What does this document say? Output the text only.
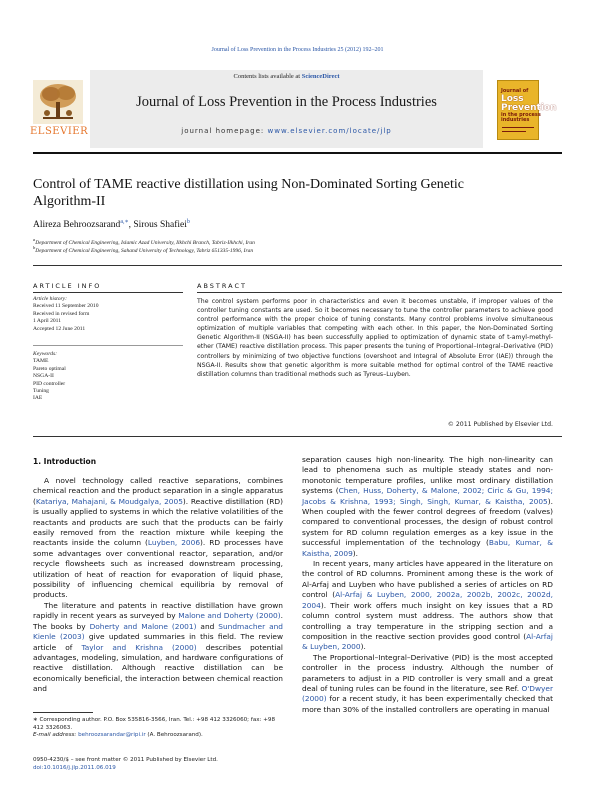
Journal of Loss Prevention in the Process Industries 25 (2012) 192–201
Contents lists available at ScienceDirect
Journal of Loss Prevention in the Process Industries
journal homepage: www.elsevier.com/locate/jlp
ELSEVIER
Journal of
Loss
Prevention
in the process industries
Control of TAME reactive distillation using Non-Dominated Sorting Genetic Algorithm-II
Alireza Behroozsarand$^{a,∗}$, Sirous Shafiei$^b$
$^a$Department of Chemical Engineering, Islamic Azad University, Ilkhchi Branch, Tabriz-Ilkhchi, Iran
$^b$Department of Chemical Engineering, Sahand University of Technology, Tabriz 651335-1996, Iran
ARTICLE INFO
Article history:
Received 11 September 2010
Received in revised form
1 April 2011
Accepted 12 June 2011
Keywords:
TAME
Pareto optimal
NSGA-II
PID controller
Tuning
IAE
ABSTRACT
The control system performs poor in characteristics and even it becomes unstable, if improper values of the controller tuning constants are used. So it becomes necessary to tune the controller parameters to achieve good control performance with the proper choice of tuning constants. Many control problems involve simultaneous optimization of multiple variables that competing with each other. In this paper, the Non-Dominated Sorting Genetic Algorithm-II (NSGA-II) has been successfully applied to optimization of dynamic state of t-amyl-methyl-ether (TAME) reactive distillation process. This paper presents the tuning of Proportional–Integral–Derivative (PID) controllers by minimizing of two objective functions (overshoot and Integral of Absolute Error (IAE)) through the NSGA-II. Results show that genetic algorithm is more suitable method for optimal control of the TAME reactive distillation columns than traditional methods such as Tyreus–Luyben.
© 2011 Published by Elsevier Ltd.
1. Introduction

A novel technology called reactive separations, combines chemical reaction and the product separation in a single apparatus (Katariya, Mahajani, & Moudgalya, 2005). Reactive distillation (RD) is usually applied to systems in which the relative volatilities of the reactants and products are such that the products can be fairly easily removed from the reaction mixture while keeping the reactants inside the column (Luyben, 2006). RD processes have some advantages over conventional reactor, separation, and/or recycle flowsheets such as increased downstream processing, utilization of heat of reaction for evaporation of liquid phase, possibility of influencing chemical equilibria by removal of products.

The literature and patents in reactive distillation have grown rapidly in recent years as surveyed by Malone and Doherty (2000). The books by Doherty and Malone (2001) and Sundmacher and Kienle (2003) give updated summaries in this field. The review article of Taylor and Krishna (2000) describes potential advantages, modeling, simulation, and hardware configurations of reactive distillation. Although reactive distillation can be economically beneficial, the interaction between chemical reaction and

separation causes high non-linearity. The high non-linearity can lead to phenomena such as multiple steady states and non-monotonic temperature profiles, unlike most ordinary distillation systems (Chen, Huss, Doherty, & Malone, 2002; Ciric & Gu, 1994; Jacobs & Krishna, 1993; Singh, Singh, Kumar, & Kaistha, 2005). When coupled with the fewer control degrees of freedom (valves) compared to conventional processes, the design of robust control system for RD column regulation emerges as a key issue in the successful implementation of the technology (Babu, Kumar, & Kaistha, 2009).

In recent years, many articles have appeared in the literature on the control of RD columns. Prominent among these is the work of Al-Arfaj and Luyben who have published a series of articles on RD control (Al-Arfaj & Luyben, 2000, 2002a, 2002b, 2002c, 2002d, 2004). Their work offers much insight on key issues that a RD column control system must address. The authors show that controlling a tray temperature in the stripping section and a composition in the reactive section provides good control (Al-Arfaj & Luyben, 2000).

The Proportional–Integral–Derivative (PID) is the most accepted controller in the process industry. Although the number of parameters to adjust in a PID controller is very small and a great deal of tuning rules can be found in the literature, see Ref. O'Dwyer (2000) for a recent study, it has been experimentally checked that more than 30% of the installed controllers are operating in manual

∗ Corresponding author. P.O. Box 535816-3566, Iran. Tel.: +98 412 3326060; fax: +98 412 3326063.
E-mail address: behroozsarandar@ripi.ir (A. Behroozsarand).
0950-4230/$ – see front matter © 2011 Published by Elsevier Ltd.
doi:10.1016/j.jlp.2011.06.019
